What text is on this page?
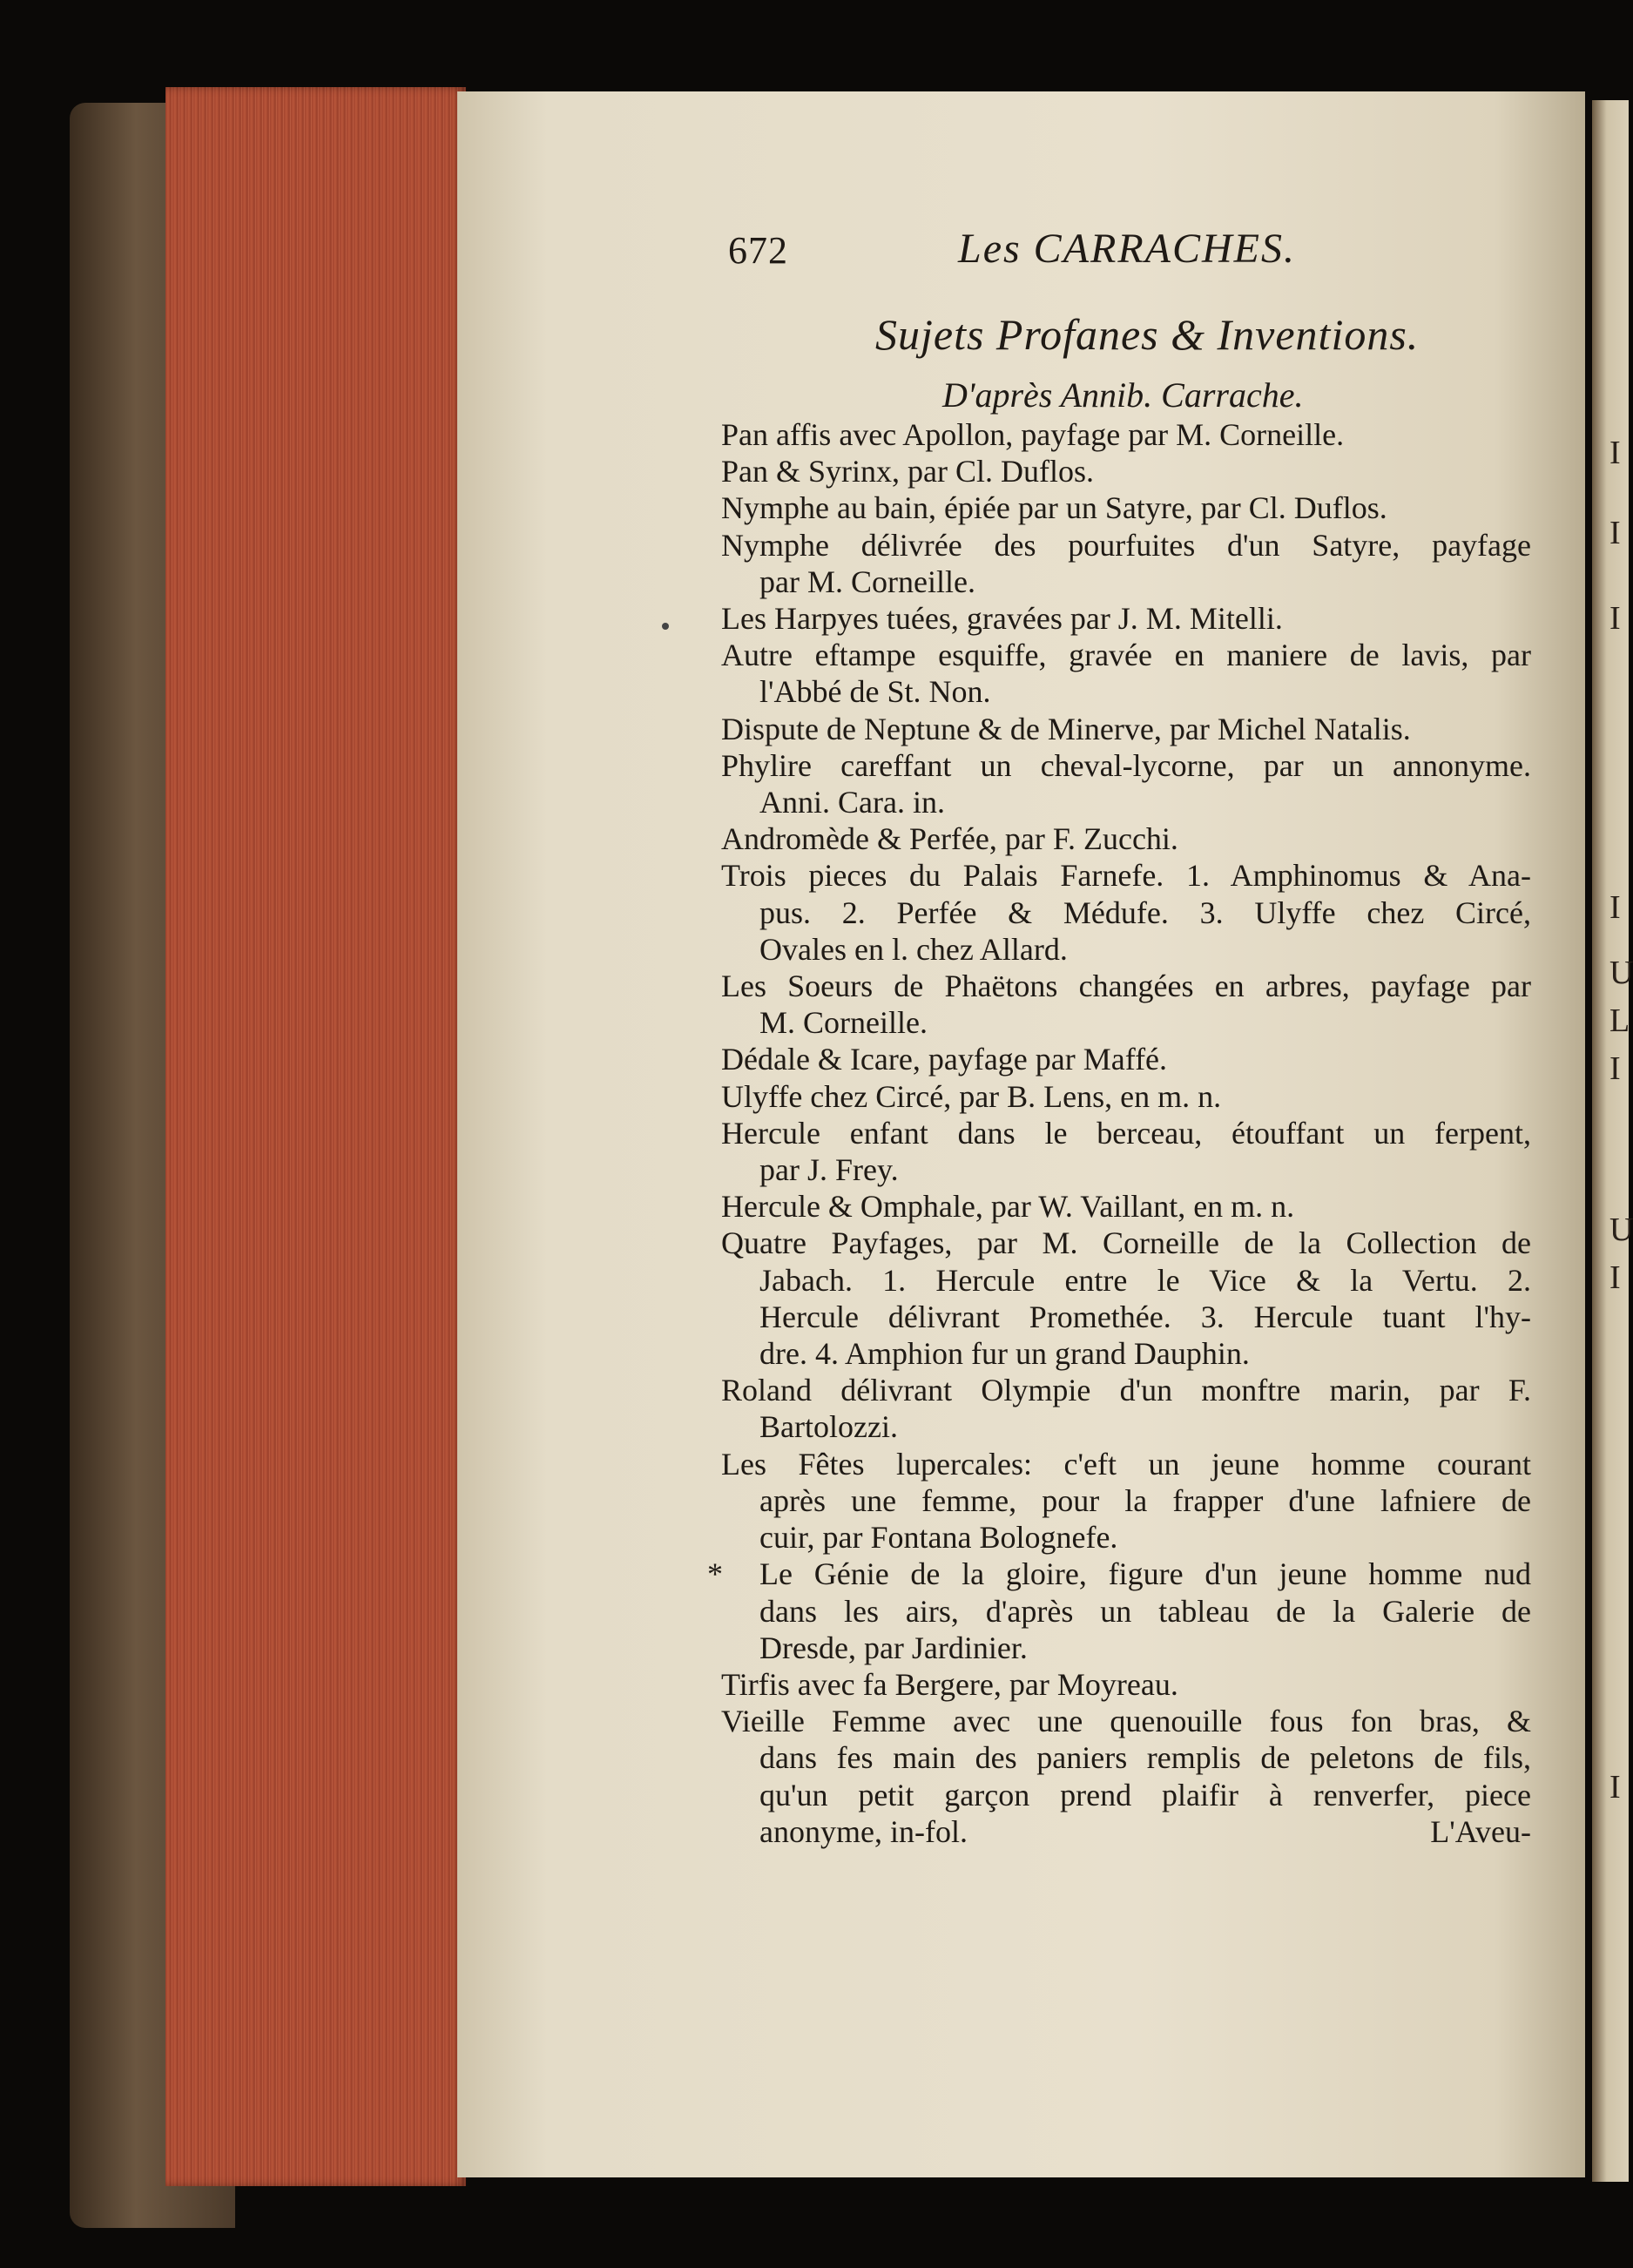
I
I
I
I
U
L
I
U
I
I
672	Les CARRACHES.
Sujets Profanes & Inventions.
D'après Annib. Carrache.
Pan affis avec Apollon, payfage par M. Corneille.
Pan & Syrinx, par Cl. Duflos.
Nymphe au bain, épiée par un Satyre, par Cl. Duflos.
Nymphe délivrée des pourfuites d'un Satyre, payfage
par M. Corneille.
Les Harpyes tuées, gravées par J. M. Mitelli.
Autre eftampe esquiffe, gravée en maniere de lavis, par
l'Abbé de St. Non.
Dispute de Neptune & de Minerve, par Michel Natalis.
Phylire careffant un cheval-lycorne, par un annonyme.
Anni. Cara. in.
Andromède & Perfée, par F. Zucchi.
Trois pieces du Palais Farnefe. 1. Amphinomus & Ana-
pus. 2. Perfée & Médufe. 3. Ulyffe chez Circé,
Ovales en l. chez Allard.
Les Soeurs de Phaëtons changées en arbres, payfage par
M. Corneille.
Dédale & Icare, payfage par Maffé.
Ulyffe chez Circé, par B. Lens, en m. n.
Hercule enfant dans le berceau, étouffant un ferpent,
par J. Frey.
Hercule & Omphale, par W. Vaillant, en m. n.
Quatre Payfages, par M. Corneille de la Collection de
Jabach. 1. Hercule entre le Vice & la Vertu. 2.
Hercule délivrant Promethée. 3. Hercule tuant l'hy-
dre. 4. Amphion fur un grand Dauphin.
Roland délivrant Olympie d'un monftre marin, par F.
Bartolozzi.
Les Fêtes lupercales: c'eft un jeune homme courant
après une femme, pour la frapper d'une lafniere de
cuir, par Fontana Bolognefe.
*	Le Génie de la gloire, figure d'un jeune homme nud
dans les airs, d'après un tableau de la Galerie de
Dresde, par Jardinier.
Tirfis avec fa Bergere, par Moyreau.
Vieille Femme avec une quenouille fous fon bras, &
dans fes main des paniers remplis de peletons de fils,
qu'un petit garçon prend plaifir à renverfer, piece
anonyme, in-fol.	L'Aveu-
